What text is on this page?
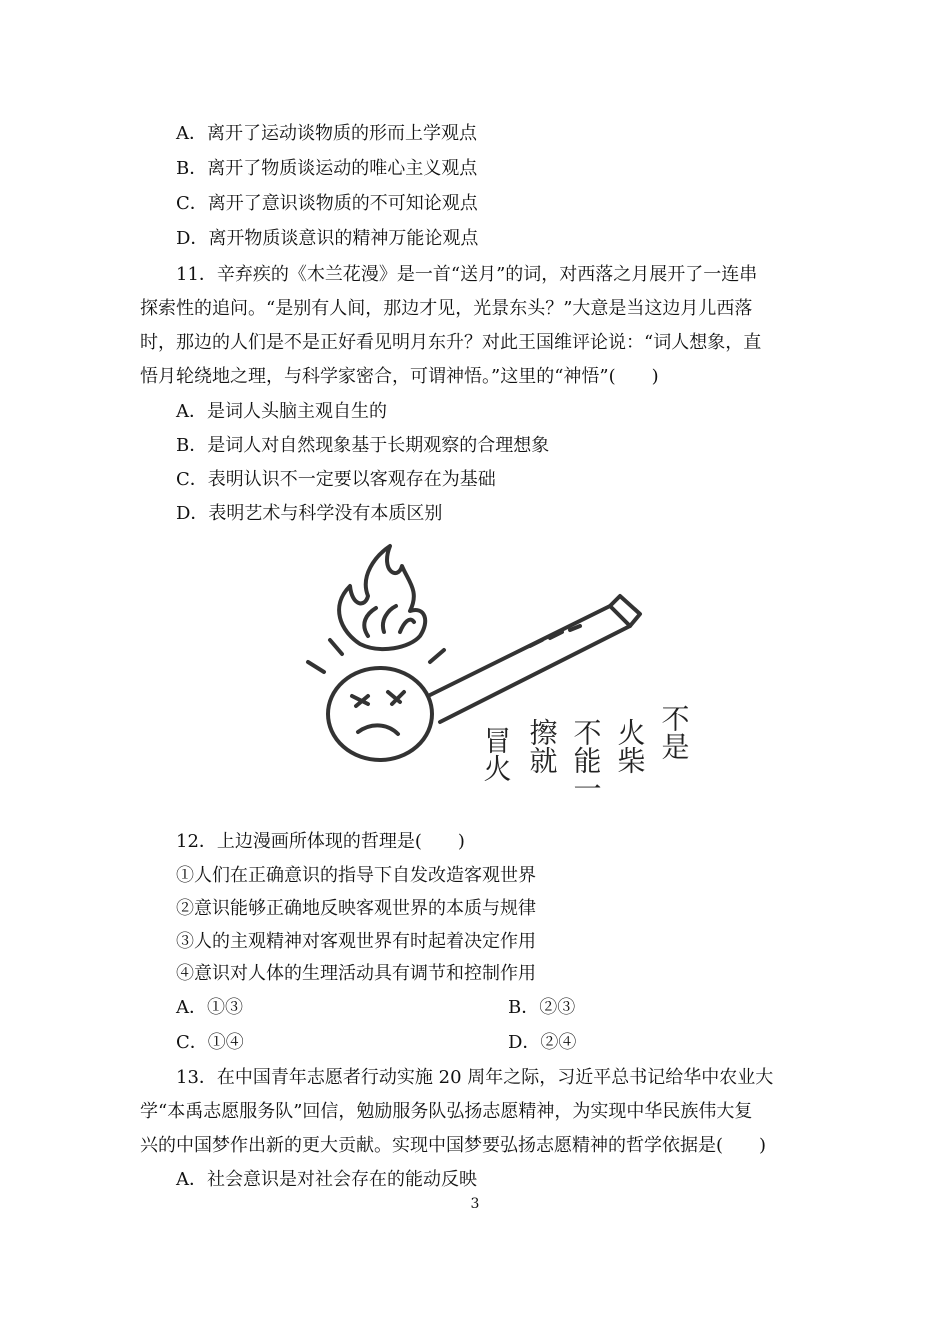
A．离开了运动谈物质的形而上学观点
B．离开了物质谈运动的唯心主义观点
C．离开了意识谈物质的不可知论观点
D．离开物质谈意识的精神万能论观点
11．辛弃疾的《木兰花漫》是一首“送月”的词，对西落之月展开了一连串
探索性的追问。“是别有人间，那边才见，光景东头？”大意是当这边月儿西落
时，那边的人们是不是正好看见明月东升？对此王国维评论说：“词人想象，直
悟月轮绕地之理，与科学家密合，可谓神悟。”这里的“神悟”(　　)
A．是词人头脑主观自生的
B．是词人对自然现象基于长期观察的合理想象
C．表明认识不一定要以客观存在为基础
D．表明艺术与科学没有本质区别
不是
火柴
不能一
擦就
冒火
12．上边漫画所体现的哲理是(　　)
①人们在正确意识的指导下自发改造客观世界
②意识能够正确地反映客观世界的本质与规律
③人的主观精神对客观世界有时起着决定作用
④意识对人体的生理活动具有调节和控制作用
A．①③	B．②③
C．①④	D．②④
13．在中国青年志愿者行动实施 20 周年之际，习近平总书记给华中农业大
学“本禹志愿服务队”回信，勉励服务队弘扬志愿精神，为实现中华民族伟大复
兴的中国梦作出新的更大贡献。实现中国梦要弘扬志愿精神的哲学依据是(　　)
A．社会意识是对社会存在的能动反映
3
